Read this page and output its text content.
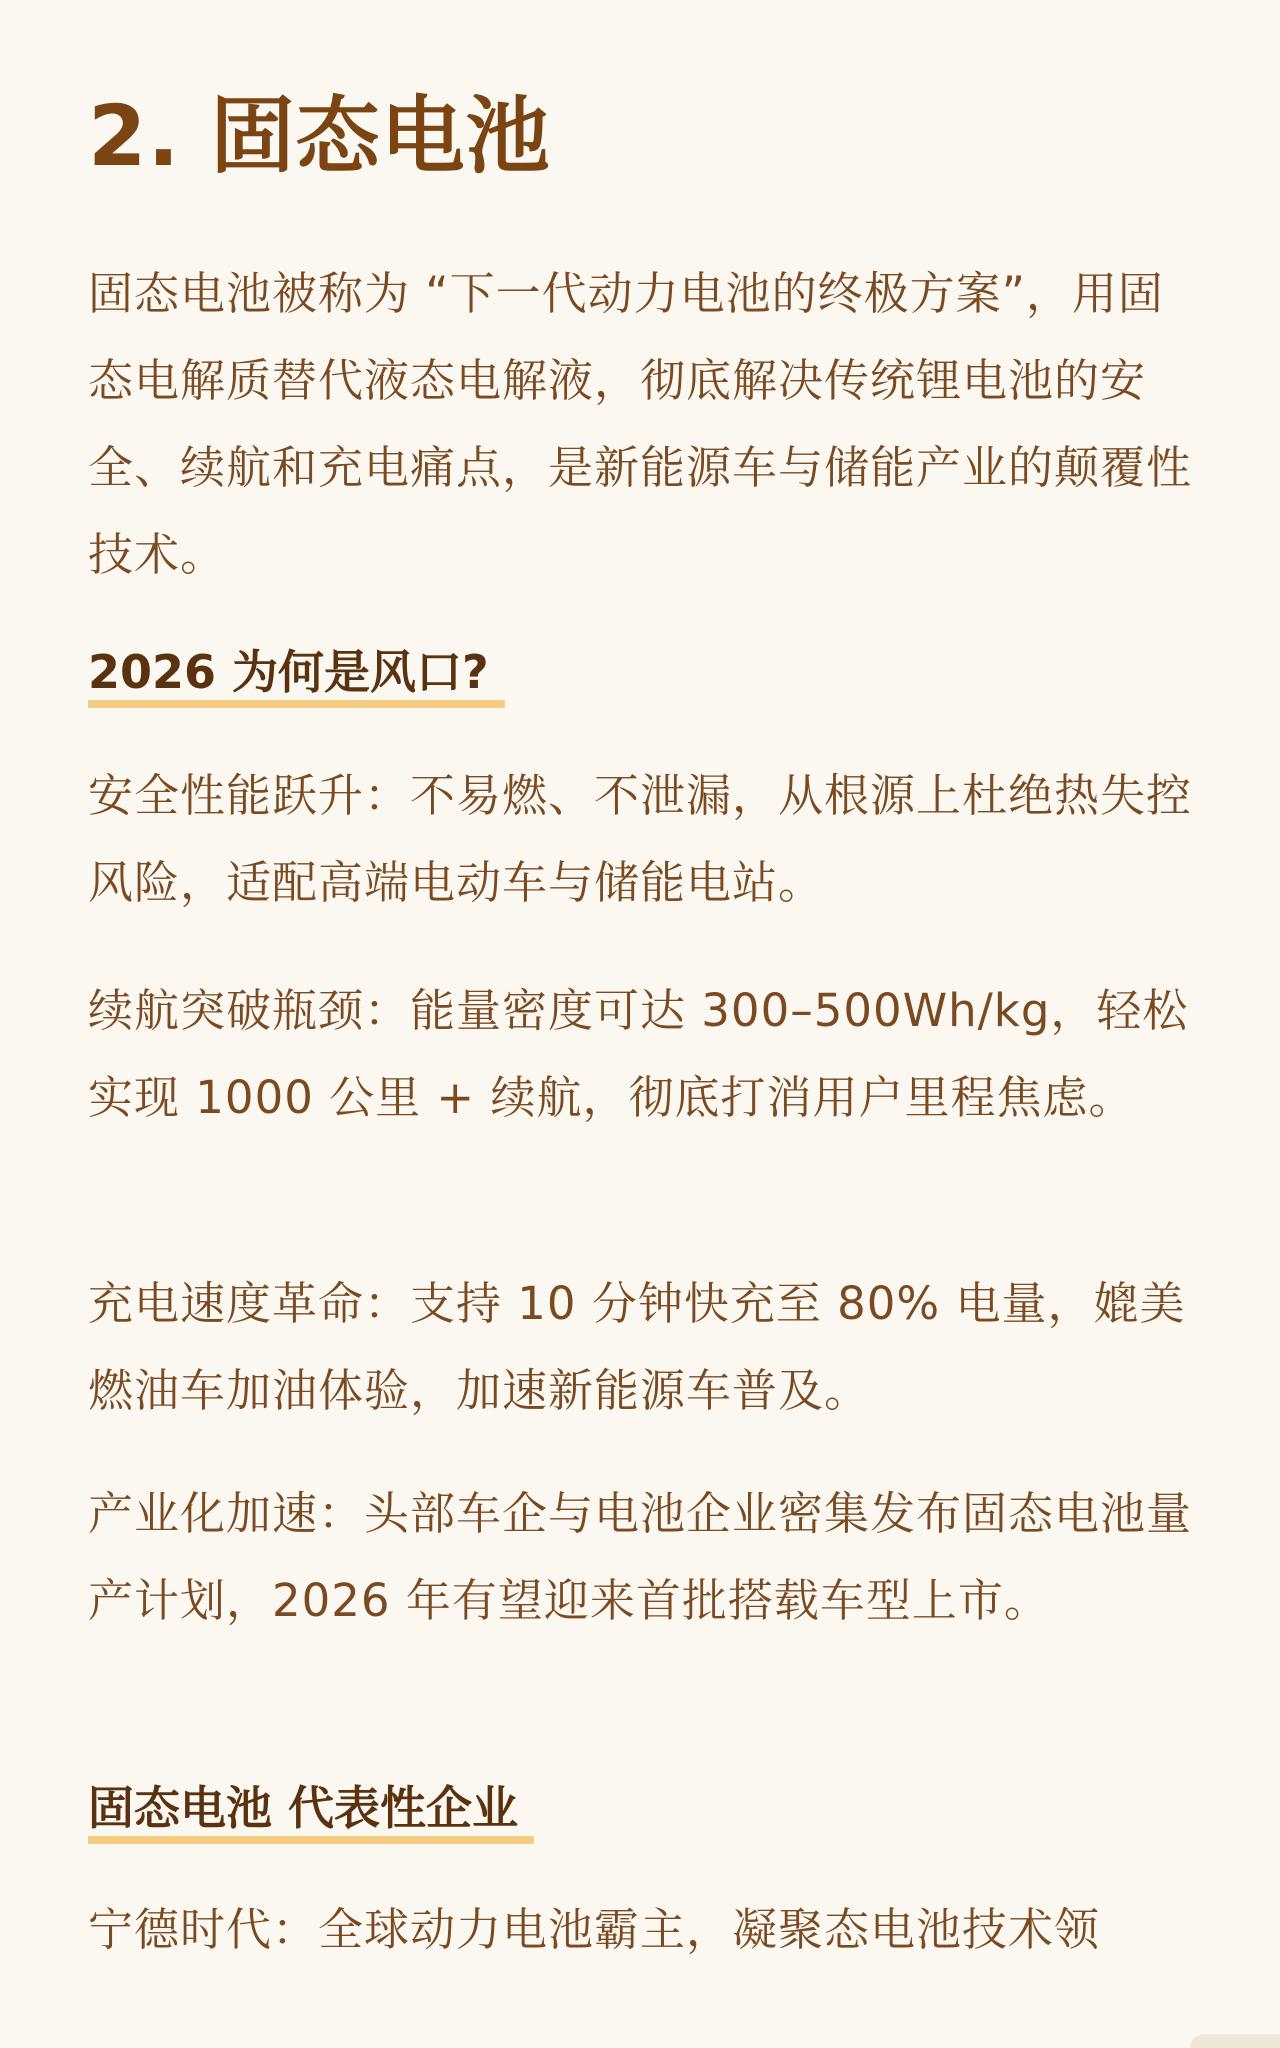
2. 固态电池

固态电池被称为 “下一代动力电池的终极方案”，用固态电解质替代液态电解液，彻底解决传统锂电池的安全、续航和充电痛点，是新能源车与储能产业的颠覆性技术。

2026 为何是风口?

安全性能跃升：不易燃、不泄漏，从根源上杜绝热失控风险，适配高端电动车与储能电站。

续航突破瓶颈：能量密度可达 300–500Wh/kg，轻松实现 1000 公里 + 续航，彻底打消用户里程焦虑。

充电速度革命：支持 10 分钟快充至 80% 电量，媲美燃油车加油体验，加速新能源车普及。

产业化加速：头部车企与电池企业密集发布固态电池量产计划，2026 年有望迎来首批搭载车型上市。

固态电池 代表性企业

宁德时代：全球动力电池霸主，凝聚态电池技术领
